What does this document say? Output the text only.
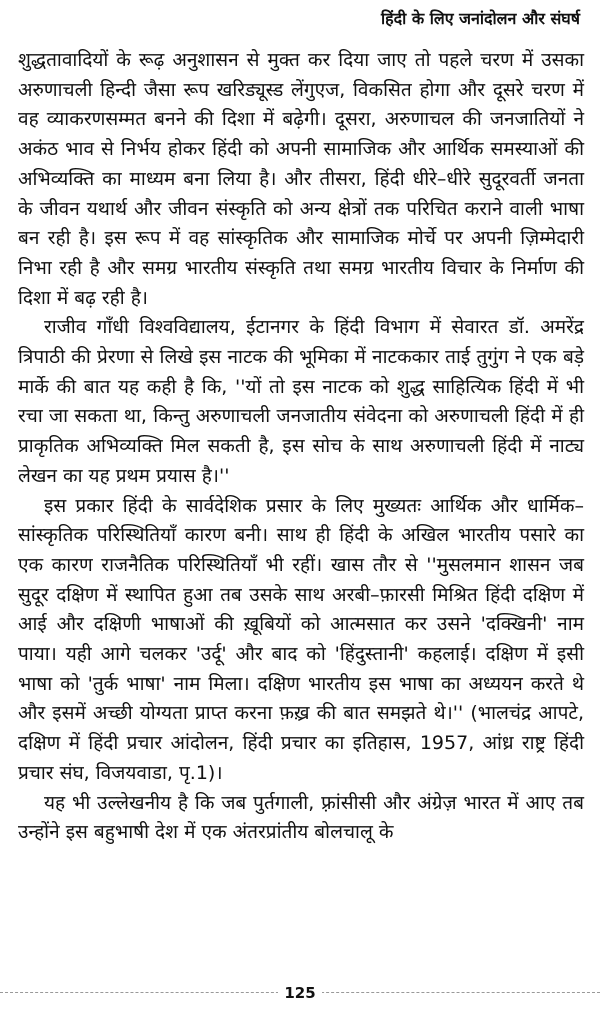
हिंदी के लिए जनांदोलन और संघर्ष

शुद्धतावादियों के रूढ़ अनुशासन से मुक्त कर दिया जाए तो पहले चरण में उसका अरुणाचली हिन्दी जैसा रूप खरिड्यूस्ड लेंगुएज, विकसित होगा और दूसरे चरण में वह व्याकरणसम्मत बनने की दिशा में बढ़ेगी। दूसरा, अरुणाचल की जनजातियों ने अकंठ भाव से निर्भय होकर हिंदी को अपनी सामाजिक और आर्थिक समस्याओं की अभिव्यक्ति का माध्यम बना लिया है। और तीसरा, हिंदी धीरे–धीरे सुदूरवर्ती जनता के जीवन यथार्थ और जीवन संस्कृति को अन्य क्षेत्रों तक परिचित कराने वाली भाषा बन रही है। इस रूप में वह सांस्कृतिक और सामाजिक मोर्चे पर अपनी ज़िम्मेदारी निभा रही है और समग्र भारतीय संस्कृति तथा समग्र भारतीय विचार के निर्माण की दिशा में बढ़ रही है।

राजीव गाँधी विश्वविद्यालय, ईटानगर के हिंदी विभाग में सेवारत डॉ. अमरेंद्र त्रिपाठी की प्रेरणा से लिखे इस नाटक की भूमिका में नाटककार ताई तुगुंग ने एक बड़े मार्के की बात यह कही है कि, ''यों तो इस नाटक को शुद्ध साहित्यिक हिंदी में भी रचा जा सकता था, किन्तु अरुणाचली जनजातीय संवेदना को अरुणाचली हिंदी में ही प्राकृतिक अभिव्यक्ति मिल सकती है, इस सोच के साथ अरुणाचली हिंदी में नाट्य लेखन का यह प्रथम प्रयास है।''

इस प्रकार हिंदी के सार्वदेशिक प्रसार के लिए मुख्यतः आर्थिक और धार्मिक–सांस्कृतिक परिस्थितियाँ कारण बनी। साथ ही हिंदी के अखिल भारतीय पसारे का एक कारण राजनैतिक परिस्थितियाँ भी रहीं। खास तौर से ''मुसलमान शासन जब सुदूर दक्षिण में स्थापित हुआ तब उसके साथ अरबी–फ़ारसी मिश्रित हिंदी दक्षिण में आई और दक्षिणी भाषाओं की ख़ूबियों को आत्मसात कर उसने 'दक्खिनी' नाम पाया। यही आगे चलकर 'उर्दू' और बाद को 'हिंदुस्तानी' कहलाई। दक्षिण में इसी भाषा को 'तुर्क भाषा' नाम मिला। दक्षिण भारतीय इस भाषा का अध्ययन करते थे और इसमें अच्छी योग्यता प्राप्त करना फ़ख़्र की बात समझते थे।'' (भालचंद्र आपटे, दक्षिण में हिंदी प्रचार आंदोलन, हिंदी प्रचार का इतिहास, 1957, आंध्र राष्ट्र हिंदी प्रचार संघ, विजयवाडा, पृ.1)।

यह भी उल्लेखनीय है कि जब पुर्तगाली, फ़्रांसीसी और अंग्रेज़ भारत में आए तब उन्होंने इस बहुभाषी देश में एक अंतरप्रांतीय बोलचालू के

125
